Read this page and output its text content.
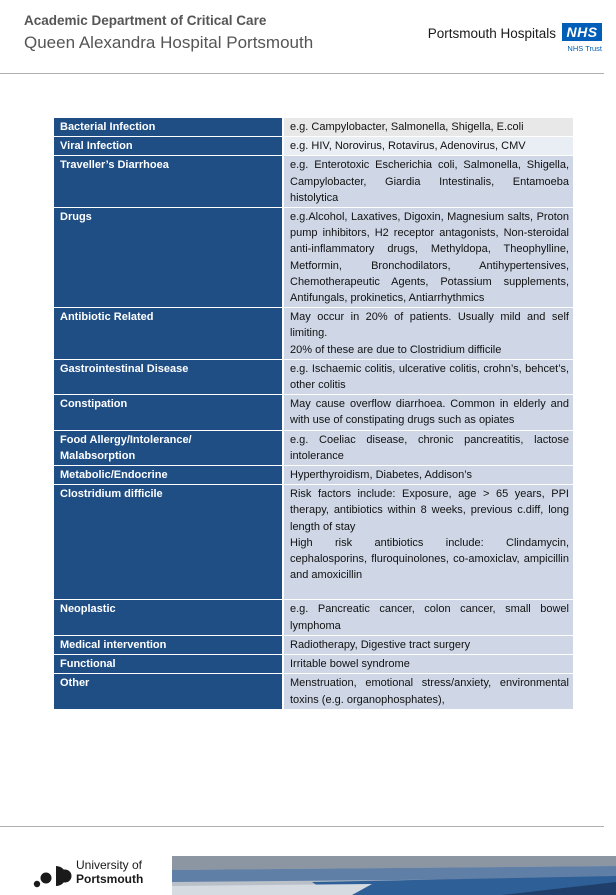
Academic Department of Critical Care
Queen Alexandra Hospital Portsmouth	Portsmouth Hospitals NHS
NHS Trust
Bacterial Infection	e.g. Campylobacter, Salmonella, Shigella, E.coli

Viral Infection	e.g. HIV, Norovirus, Rotavirus, Adenovirus, CMV

Traveller’s Diarrhoea	e.g. Enterotoxic Escherichia coli, Salmonella, Shigella, Campylobacter, Giardia Intestinalis, Entamoeba histolytica

Drugs	e.g.Alcohol, Laxatives, Digoxin, Magnesium salts, Proton pump inhibitors, H2 receptor antagonists, Non-steroidal anti-inflammatory drugs, Methyldopa, Theophylline, Metformin, Bronchodilators, Antihypertensives, Chemotherapeutic Agents, Potassium supplements, Antifungals, prokinetics, Antiarrhythmics

Antibiotic Related	May occur in 20% of patients. Usually mild and self limiting.
20% of these are due to Clostridium difficile

Gastrointestinal Disease	e.g. Ischaemic colitis, ulcerative colitis, crohn’s, behcet’s, other colitis

Constipation	May cause overflow diarrhoea. Common in elderly and with use of constipating drugs such as opiates

Food Allergy/Intolerance/
Malabsorption	e.g. Coeliac disease, chronic pancreatitis, lactose intolerance

Metabolic/Endocrine	Hyperthyroidism, Diabetes, Addison’s

Clostridium difficile	Risk factors include: Exposure, age > 65 years, PPI therapy, antibiotics within 8 weeks, previous c.diff, long length of stay
High risk antibiotics include: Clindamycin, cephalosporins, fluroquinolones, co-amoxiclav, ampicillin and amoxicillin

Neoplastic	e.g. Pancreatic cancer, colon cancer, small bowel lymphoma

Medical intervention	Radiotherapy, Digestive tract surgery

Functional	Irritable bowel syndrome

Other	Menstruation, emotional stress/anxiety, environmental toxins (e.g. organophosphates),
University of
Portsmouth
